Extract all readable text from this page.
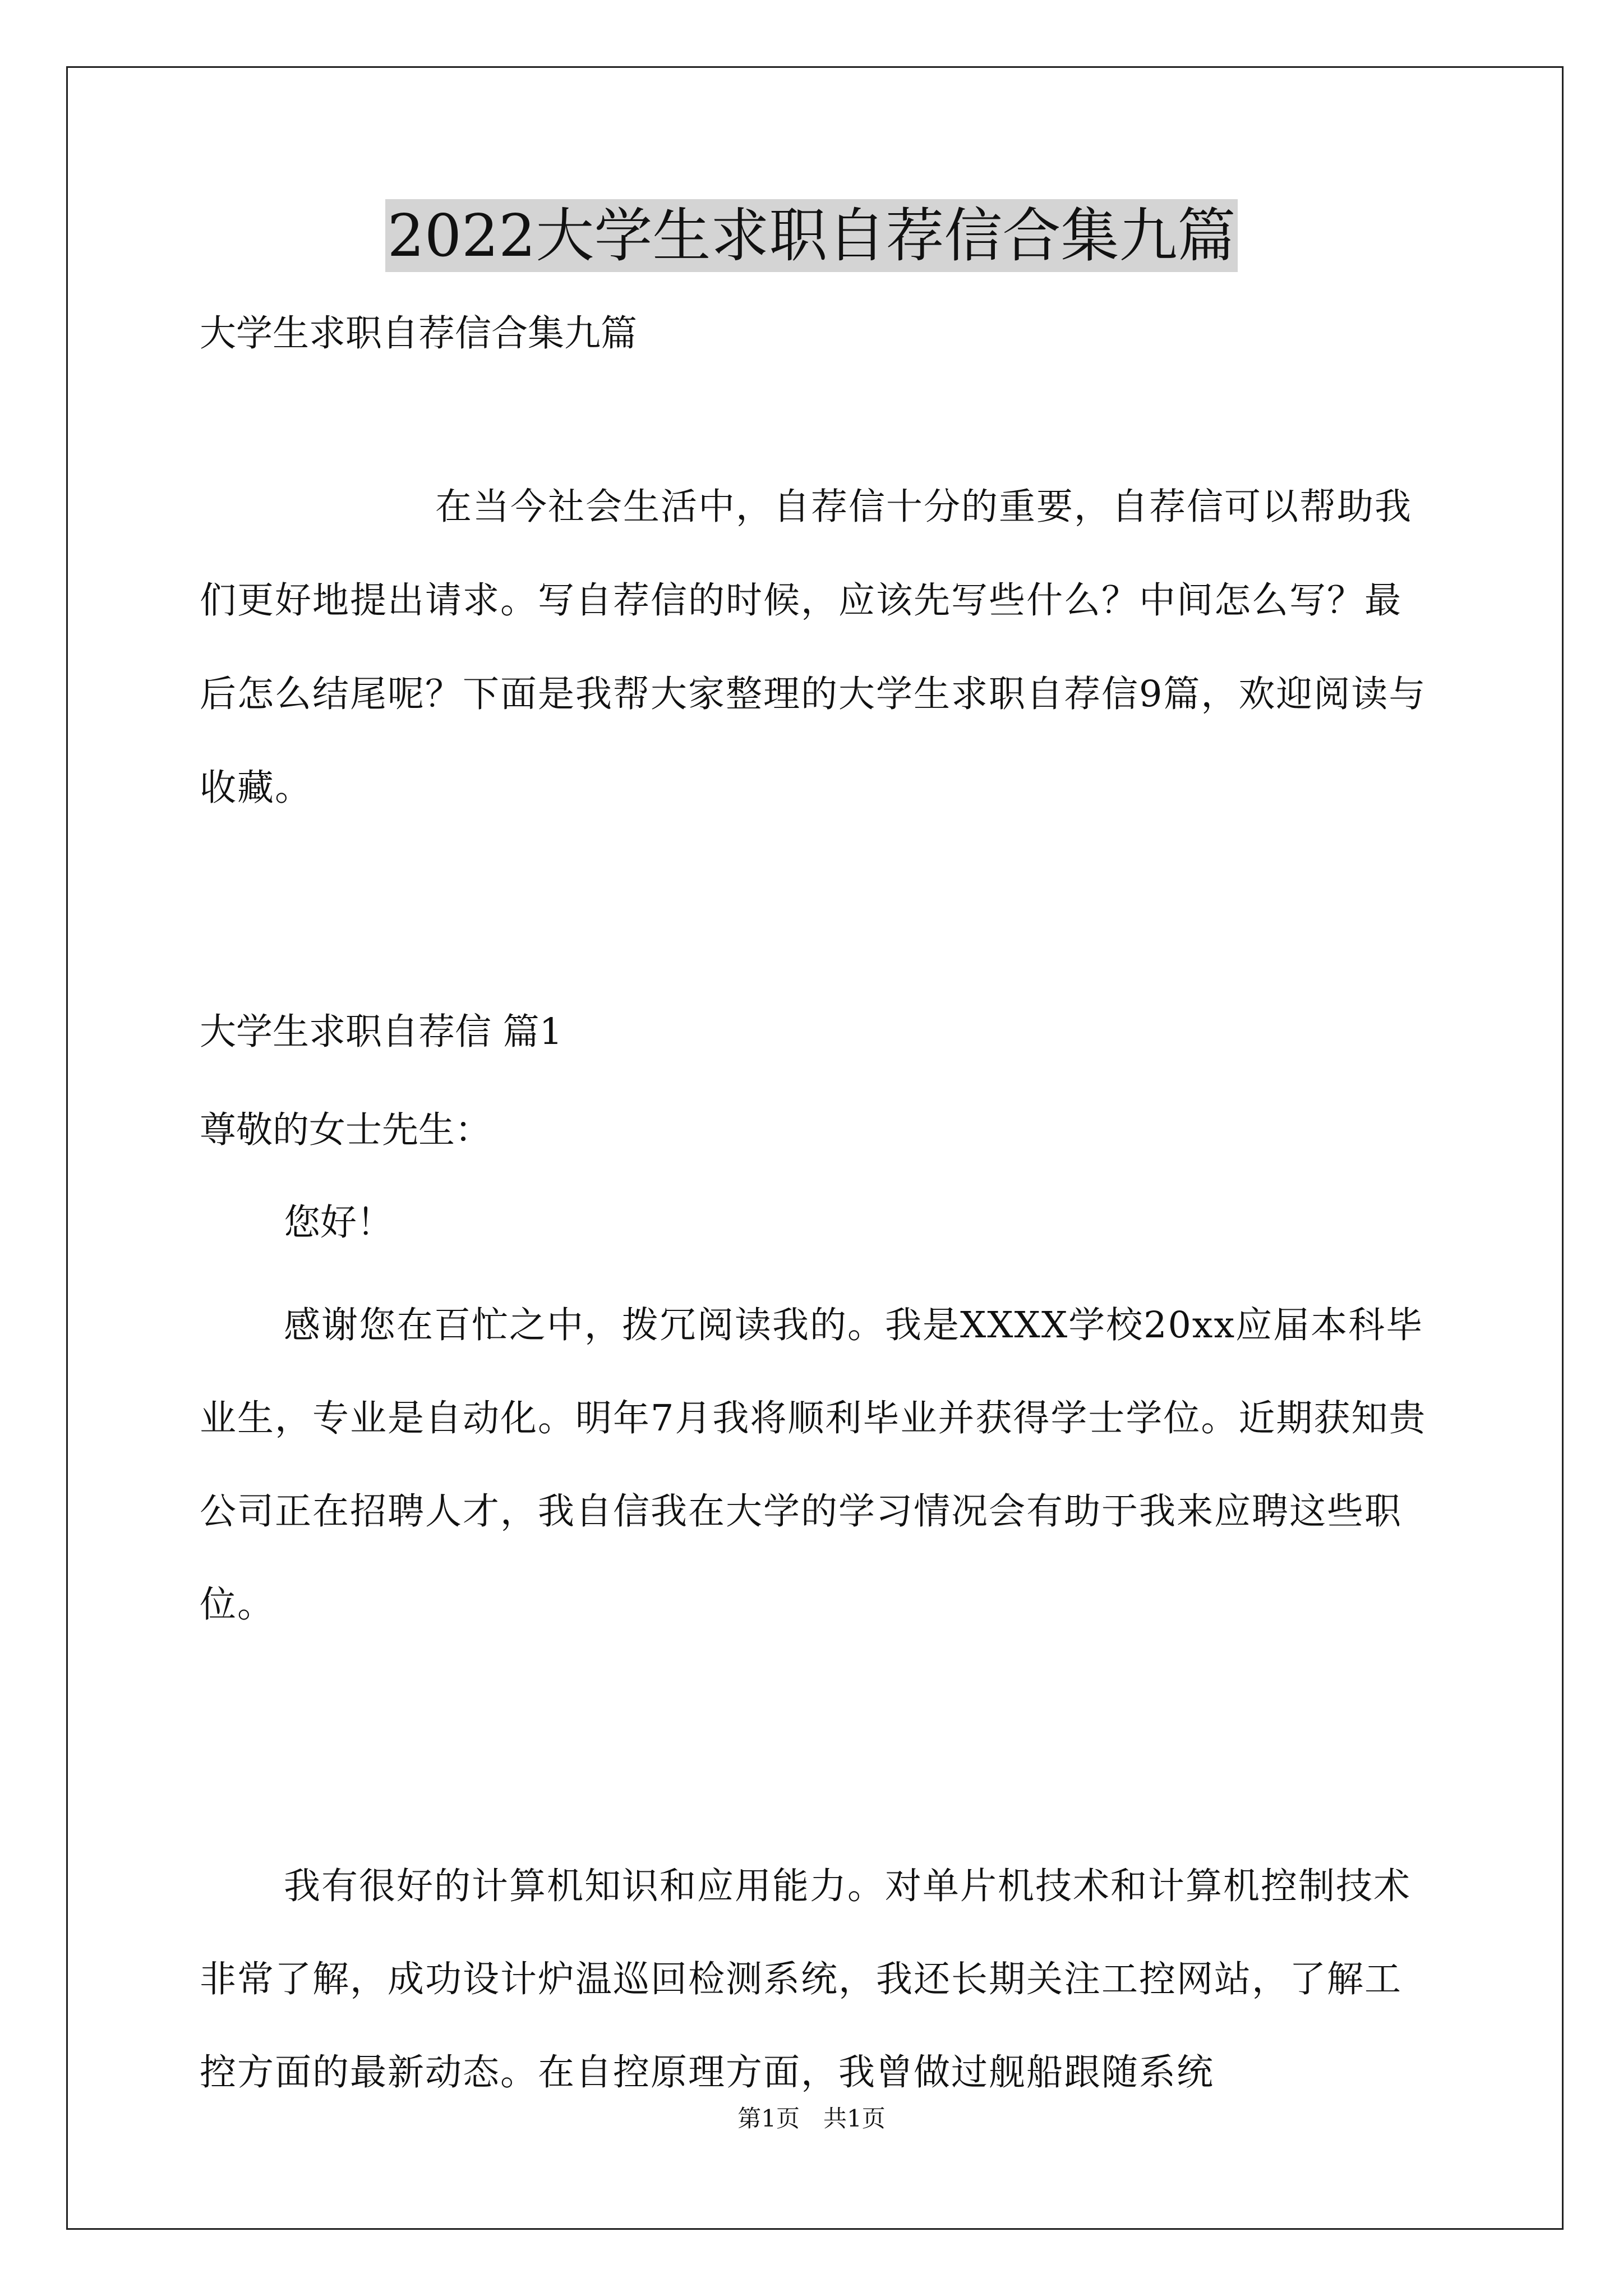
2022大学生求职自荐信合集九篇

大学生求职自荐信合集九篇

在当今社会生活中，自荐信十分的重要，自荐信可以帮助我们更好地提出请求。写自荐信的时候，应该先写些什么？中间怎么写？最后怎么结尾呢？下面是我帮大家整理的大学生求职自荐信9篇，欢迎阅读与收藏。

大学生求职自荐信 篇1

尊敬的女士先生：

您好！

感谢您在百忙之中，拨冗阅读我的。我是XXXX学校20xx应届本科毕业生，专业是自动化。明年7月我将顺利毕业并获得学士学位。近期获知贵公司正在招聘人才，我自信我在大学的学习情况会有助于我来应聘这些职位。

我有很好的计算机知识和应用能力。对单片机技术和计算机控制技术非常了解，成功设计炉温巡回检测系统，我还长期关注工控网站，了解工控方面的最新动态。在自控原理方面，我曾做过舰船跟随系统

第1页　共1页
